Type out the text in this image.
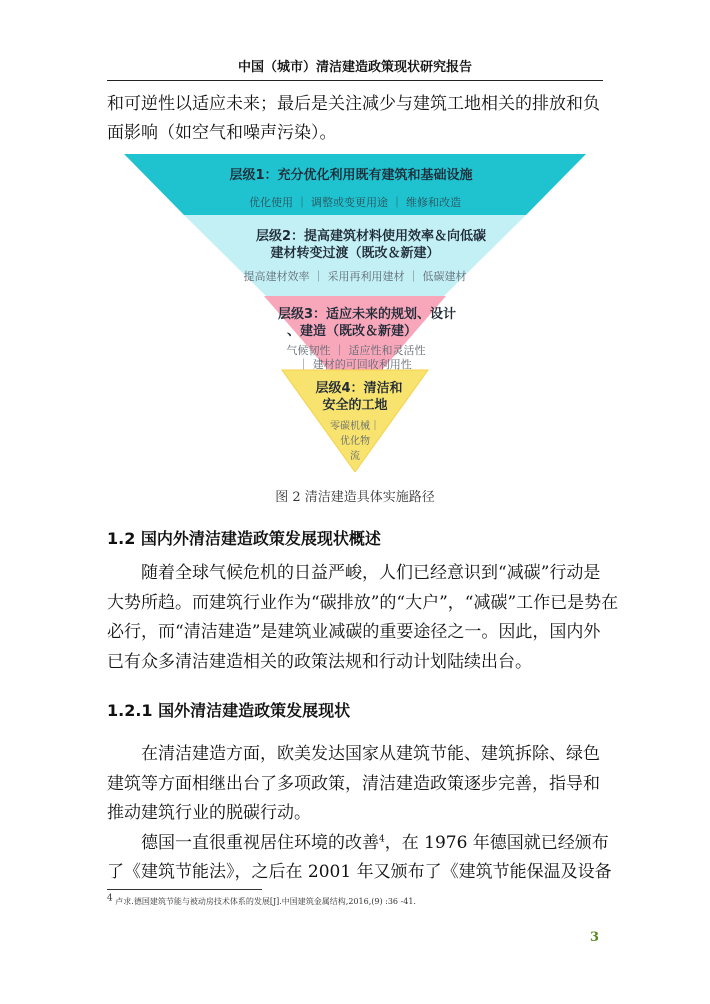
中国（城市）清洁建造政策现状研究报告
和可逆性以适应未来；最后是关注减少与建筑工地相关的排放和负
面影响（如空气和噪声污染）。
层级1：充分优化利用既有建筑和基础设施
优化使用 ｜ 调整或变更用途 ｜ 维修和改造
层级2：提高建筑材料使用效率＆向低碳
建材转变过渡（既改＆新建）
提高建材效率 ｜ 采用再利用建材 ｜ 低碳建材
层级3：适应未来的规划、设计
、建造（既改＆新建）
气候韧性 ｜ 适应性和灵活性
｜ 建材的可回收利用性
层级4：清洁和
安全的工地
零碳机械｜
优化物
流
图 2 清洁建造具体实施路径
1.2 国内外清洁建造政策发展现状概述
随着全球气候危机的日益严峻，人们已经意识到“减碳”行动是
大势所趋。而建筑行业作为“碳排放”的“大户”，“减碳”工作已是势在
必行，而“清洁建造”是建筑业减碳的重要途径之一。因此，国内外
已有众多清洁建造相关的政策法规和行动计划陆续出台。
1.2.1 国外清洁建造政策发展现状
在清洁建造方面，欧美发达国家从建筑节能、建筑拆除、绿色
建筑等方面相继出台了多项政策，清洁建造政策逐步完善，指导和
推动建筑行业的脱碳行动。
德国一直很重视居住环境的改善$^4$，在 1976 年德国就已经颁布
了《建筑节能法》，之后在 2001 年又颁布了《建筑节能保温及设备
$^4$ 卢求.德国建筑节能与被动房技术体系的发展[J].中国建筑金属结构,2016,(9) :36 -41.
3
